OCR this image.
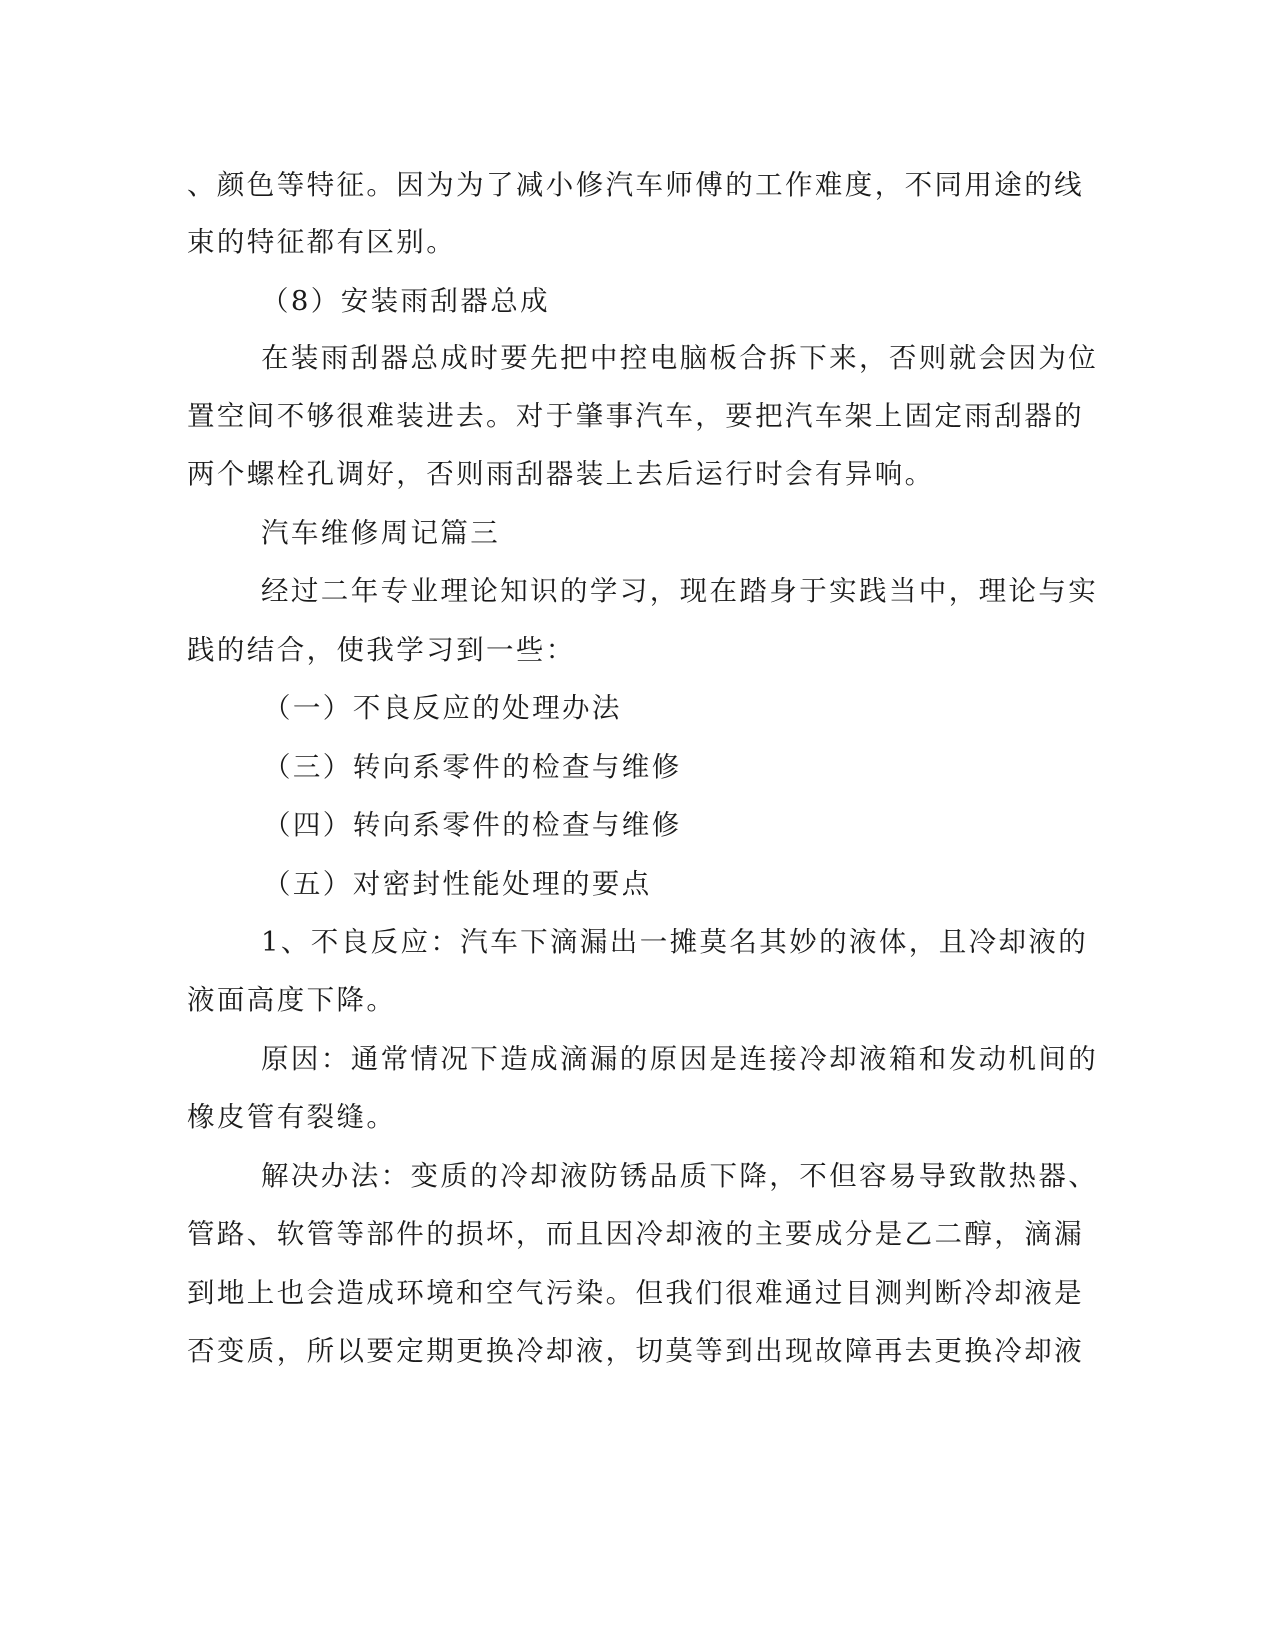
、颜色等特征。因为为了减小修汽车师傅的工作难度，不同用途的线

束的特征都有区别。

（8）安装雨刮器总成

在装雨刮器总成时要先把中控电脑板合拆下来，否则就会因为位

置空间不够很难装进去。对于肇事汽车，要把汽车架上固定雨刮器的

两个螺栓孔调好，否则雨刮器装上去后运行时会有异响。

汽车维修周记篇三

经过二年专业理论知识的学习，现在踏身于实践当中，理论与实

践的结合，使我学习到一些：

（一）不良反应的处理办法

（三）转向系零件的检查与维修

（四）转向系零件的检查与维修

（五）对密封性能处理的要点

1、不良反应：汽车下滴漏出一摊莫名其妙的液体，且冷却液的

液面高度下降。

原因：通常情况下造成滴漏的原因是连接冷却液箱和发动机间的

橡皮管有裂缝。

解决办法：变质的冷却液防锈品质下降，不但容易导致散热器、

管路、软管等部件的损坏，而且因冷却液的主要成分是乙二醇，滴漏

到地上也会造成环境和空气污染。但我们很难通过目测判断冷却液是

否变质，所以要定期更换冷却液，切莫等到出现故障再去更换冷却液
